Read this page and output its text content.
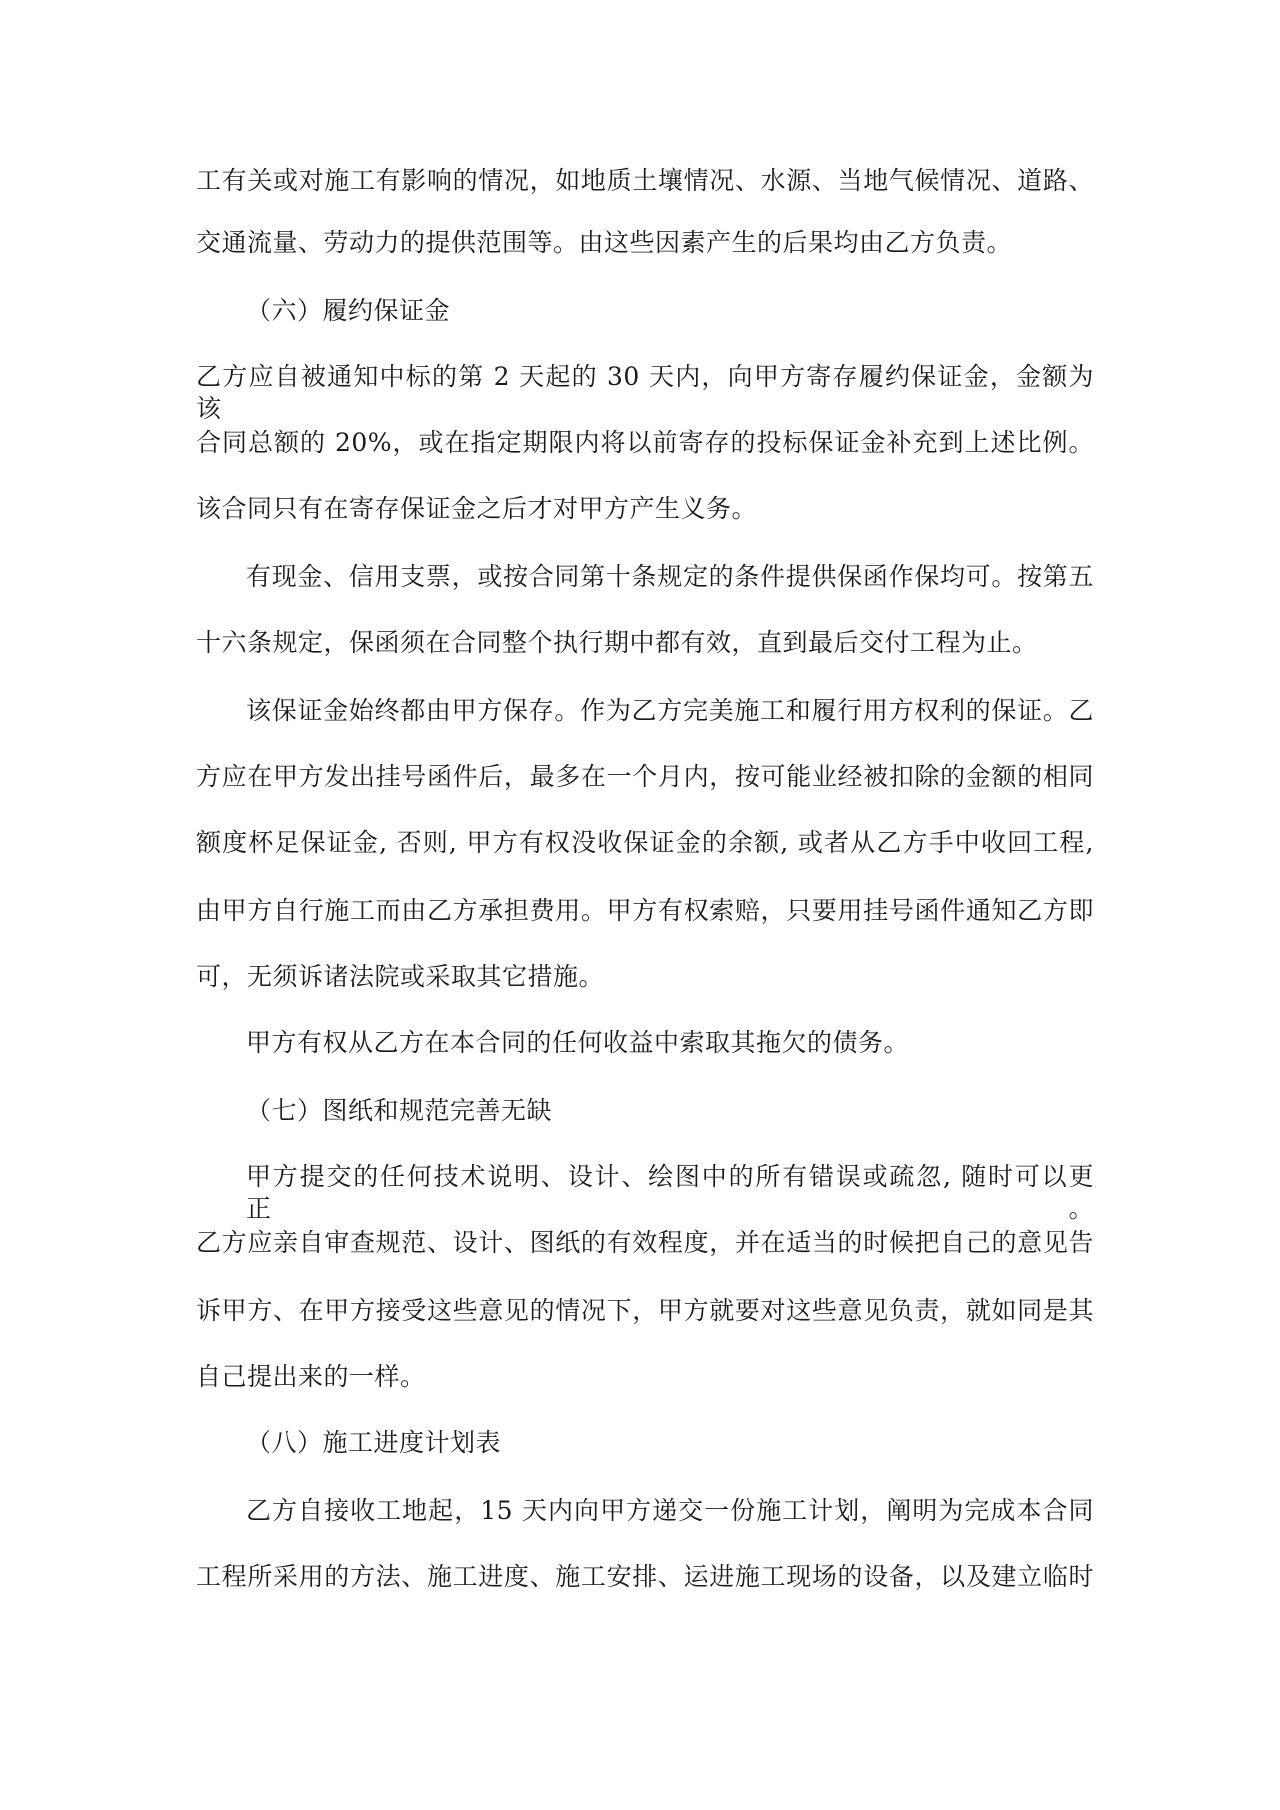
工有关或对施工有影响的情况，如地质土壤情况、水源、当地气候情况、道路、
交通流量、劳动力的提供范围等。由这些因素产生的后果均由乙方负责。
（六）履约保证金
乙方应自被通知中标的第 2 天起的 30 天内，向甲方寄存履约保证金，金额为该
合同总额的 20%，或在指定期限内将以前寄存的投标保证金补充到上述比例。
该合同只有在寄存保证金之后才对甲方产生义务。
有现金、信用支票，或按合同第十条规定的条件提供保函作保均可。按第五
十六条规定，保函须在合同整个执行期中都有效，直到最后交付工程为止。
该保证金始终都由甲方保存。作为乙方完美施工和履行用方权利的保证。乙
方应在甲方发出挂号函件后，最多在一个月内，按可能业经被扣除的金额的相同
额度杯足保证金, 否则, 甲方有权没收保证金的余额, 或者从乙方手中收回工程,
由甲方自行施工而由乙方承担费用。甲方有权索赔，只要用挂号函件通知乙方即
可，无须诉诸法院或采取其它措施。
甲方有权从乙方在本合同的任何收益中索取其拖欠的债务。
（七）图纸和规范完善无缺
甲方提交的任何技术说明、设计、绘图中的所有错误或疏忽, 随时可以更正。
乙方应亲自审查规范、设计、图纸的有效程度，并在适当的时候把自己的意见告
诉甲方、在甲方接受这些意见的情况下，甲方就要对这些意见负责，就如同是其
自己提出来的一样。
（八）施工进度计划表
乙方自接收工地起，15 天内向甲方递交一份施工计划，阐明为完成本合同
工程所采用的方法、施工进度、施工安排、运进施工现场的设备，以及建立临时
